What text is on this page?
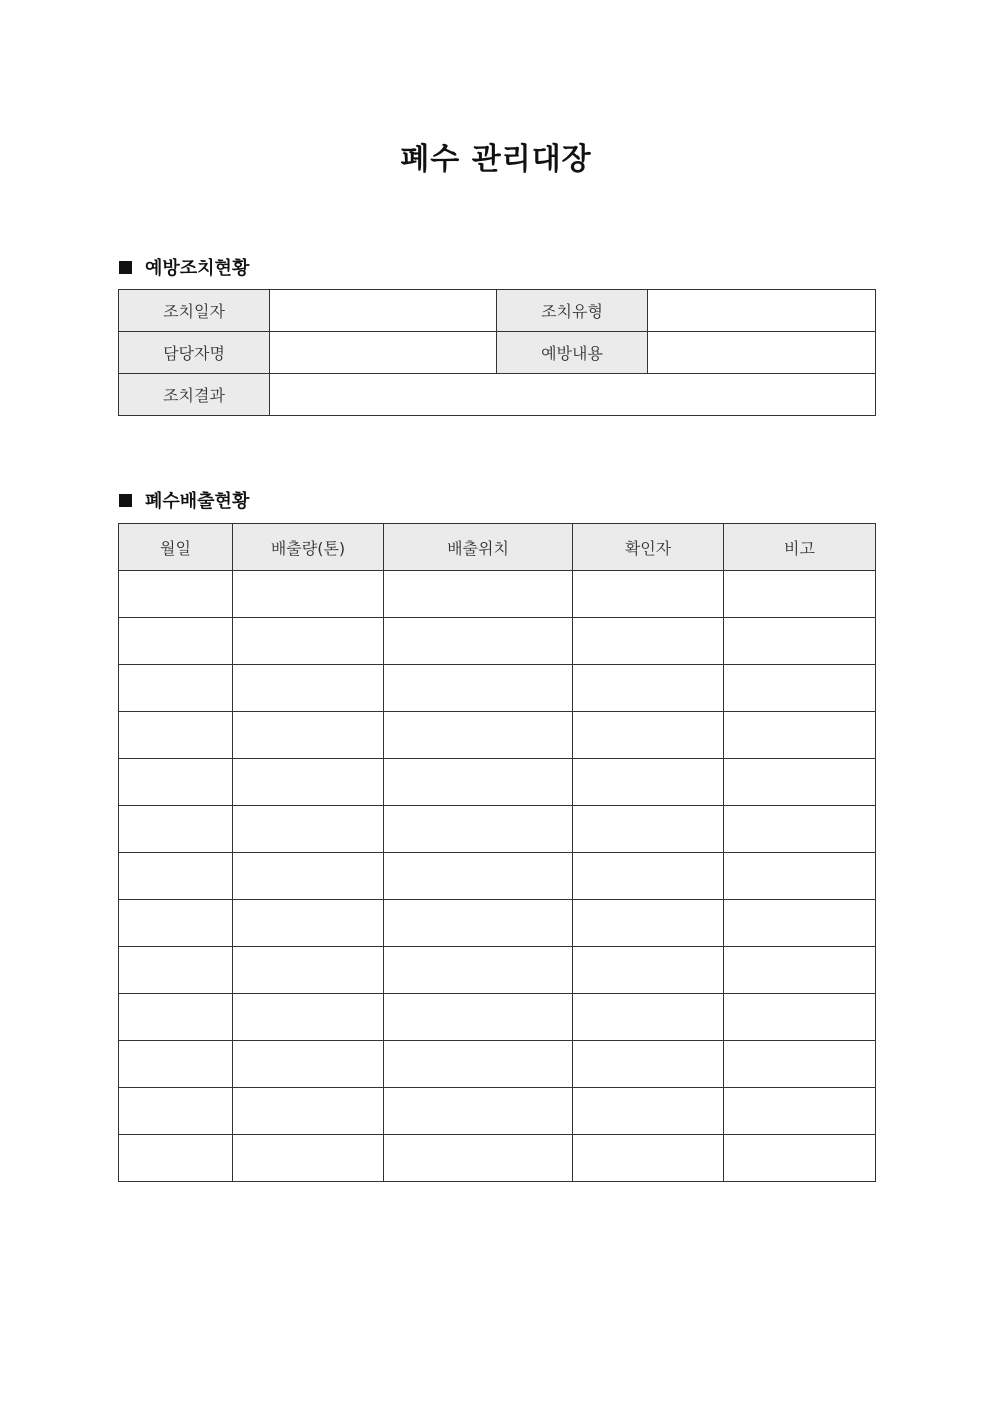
폐수 관리대장
예방조치현황
조치일자		조치유형	
담당자명		예방내용	
조치결과			
폐수배출현황
월일	배출량(톤)	배출위치	확인자	비고
